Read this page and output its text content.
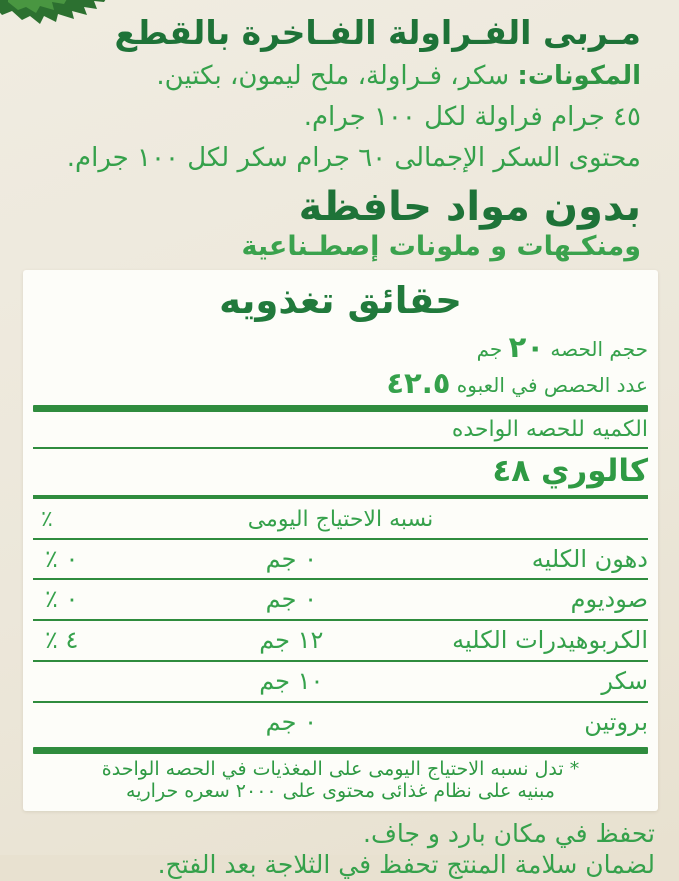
مـربى الفـراولة الفـاخرة بالقطع
المكونات: سكر، فـراولة، ملح ليمون، بكتين.
٤٥ جرام فراولة لكل ١٠٠ جرام.
محتوى السكر الإجمالى ٦٠ جرام سكر لكل ١٠٠ جرام.
بدون مواد حافظة
ومنكـهات و ملونات إصطـناعية
حقائق تغذويه
حجم الحصه ٢٠ جم
عدد الحصص في العبوه ٤٢.٥
الكميه للحصه الواحده
كالوري ٤٨
نسبه الاحتياج اليومى
٪
دهون الكليه
٠ جم
٠ ٪
صوديوم
٠ جم
٠ ٪
الكربوهيدرات الكليه
١٢ جم
٤ ٪
سكر
١٠ جم
بروتين
٠ جم
* تدل نسبه الاحتياج اليومى على المغذيات في الحصه الواحدة
مبنيه على نظام غذائى محتوى على ٢٠٠٠ سعره حراريه
تحفظ في مكان بارد و جاف.
لضمان سلامة المنتج تحفظ في الثلاجة بعد الفتح.
